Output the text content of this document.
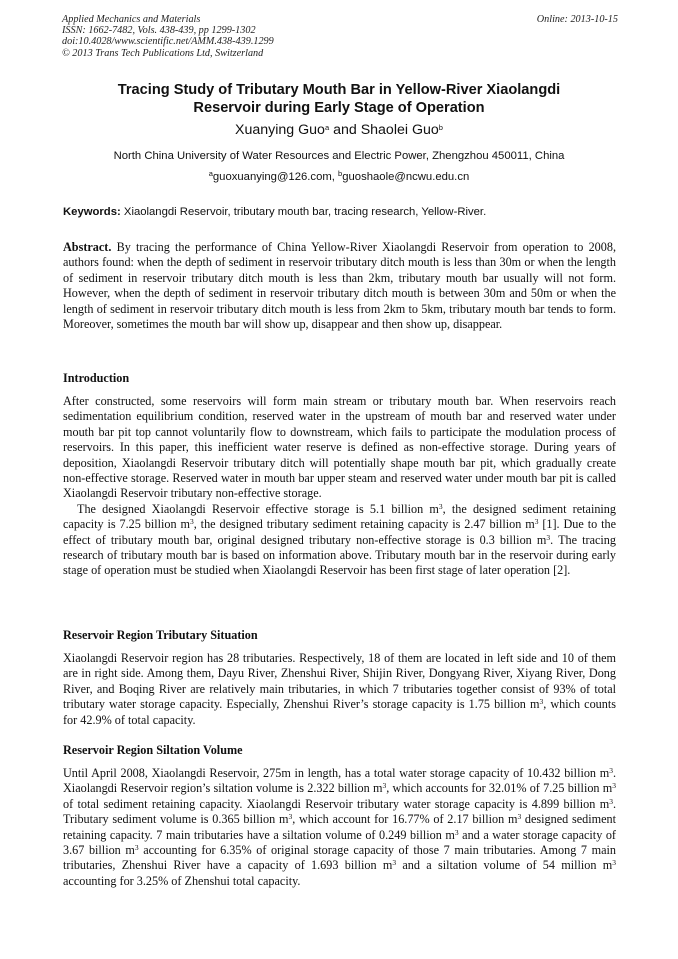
Applied Mechanics and Materials
ISSN: 1662-7482, Vols. 438-439, pp 1299-1302
doi:10.4028/www.scientific.net/AMM.438-439.1299
© 2013 Trans Tech Publications Ltd, Switzerland
Online: 2013-10-15
Tracing Study of Tributary Mouth Bar in Yellow-River Xiaolangdi
Reservoir during Early Stage of Operation
Xuanying Guo$^a$ and Shaolei Guo$^b$
North China University of Water Resources and Electric Power, Zhengzhou 450011, China
$^a$guoxuanying@126.com, $^b$guoshaole@ncwu.edu.cn
Keywords: Xiaolangdi Reservoir, tributary mouth bar, tracing research, Yellow-River.
Abstract. By tracing the performance of China Yellow-River Xiaolangdi Reservoir from operation to 2008, authors found: when the depth of sediment in reservoir tributary ditch mouth is less than 30m or when the length of sediment in reservoir tributary ditch mouth is less than 2km, tributary mouth bar usually will not form. However, when the depth of sediment in reservoir tributary ditch mouth is between 30m and 50m or when the length of sediment in reservoir tributary ditch mouth is less from 2km to 5km, tributary mouth bar tends to form. Moreover, sometimes the mouth bar will show up, disappear and then show up, disappear.
Introduction

After constructed, some reservoirs will form main stream or tributary mouth bar. When reservoirs reach sedimentation equilibrium condition, reserved water in the upstream of mouth bar and reserved water under mouth bar pit top cannot voluntarily flow to downstream, which fails to participate the modulation process of reservoirs. In this paper, this inefficient water reserve is defined as non-effective storage. During years of deposition, Xiaolangdi Reservoir tributary ditch will potentially shape mouth bar pit, which gradually create non-effective storage. Reserved water in mouth bar upper steam and reserved water under mouth bar pit is called Xiaolangdi Reservoir tributary non-effective storage.

The designed Xiaolangdi Reservoir effective storage is 5.1 billion $m^3$, the designed sediment retaining capacity is 7.25 billion $m^3$, the designed tributary sediment retaining capacity is 2.47 billion $m^3$ [1]. Due to the effect of tributary mouth bar, original designed tributary non-effective storage is 0.3 billion $m^3$. The tracing research of tributary mouth bar is based on information above. Tributary mouth bar in the reservoir during early stage of operation must be studied when Xiaolangdi Reservoir has been first stage of later operation [2].

Reservoir Region Tributary Situation

Xiaolangdi Reservoir region has 28 tributaries. Respectively, 18 of them are located in left side and 10 of them are in right side. Among them, Dayu River, Zhenshui River, Shijin River, Dongyang River, Xiyang River, Dong River, and Boqing River are relatively main tributaries, in which 7 tributaries together consist of 93% of total tributary water storage capacity. Especially, Zhenshui River’s storage capacity is 1.75 billion $m^3$, which counts for 42.9% of total capacity.

Reservoir Region Siltation Volume

Until April 2008, Xiaolangdi Reservoir, 275m in length, has a total water storage capacity of 10.432 billion $m^3$. Xiaolangdi Reservoir region’s siltation volume is 2.322 billion $m^3$, which accounts for 32.01% of 7.25 billion $m^3$ of total sediment retaining capacity. Xiaolangdi Reservoir tributary water storage capacity is 4.899 billion $m^3$. Tributary sediment volume is 0.365 billion $m^3$, which account for 16.77% of 2.17 billion $m^3$ designed sediment retaining capacity. 7 main tributaries have a siltation volume of 0.249 billion $m^3$ and a water storage capacity of 3.67 billion $m^3$ accounting for 6.35% of original storage capacity of those 7 main tributaries. Among 7 main tributaries, Zhenshui River have a capacity of 1.693 billion $m^3$ and a siltation volume of 54 million $m^3$ accounting for 3.25% of Zhenshui total capacity.
